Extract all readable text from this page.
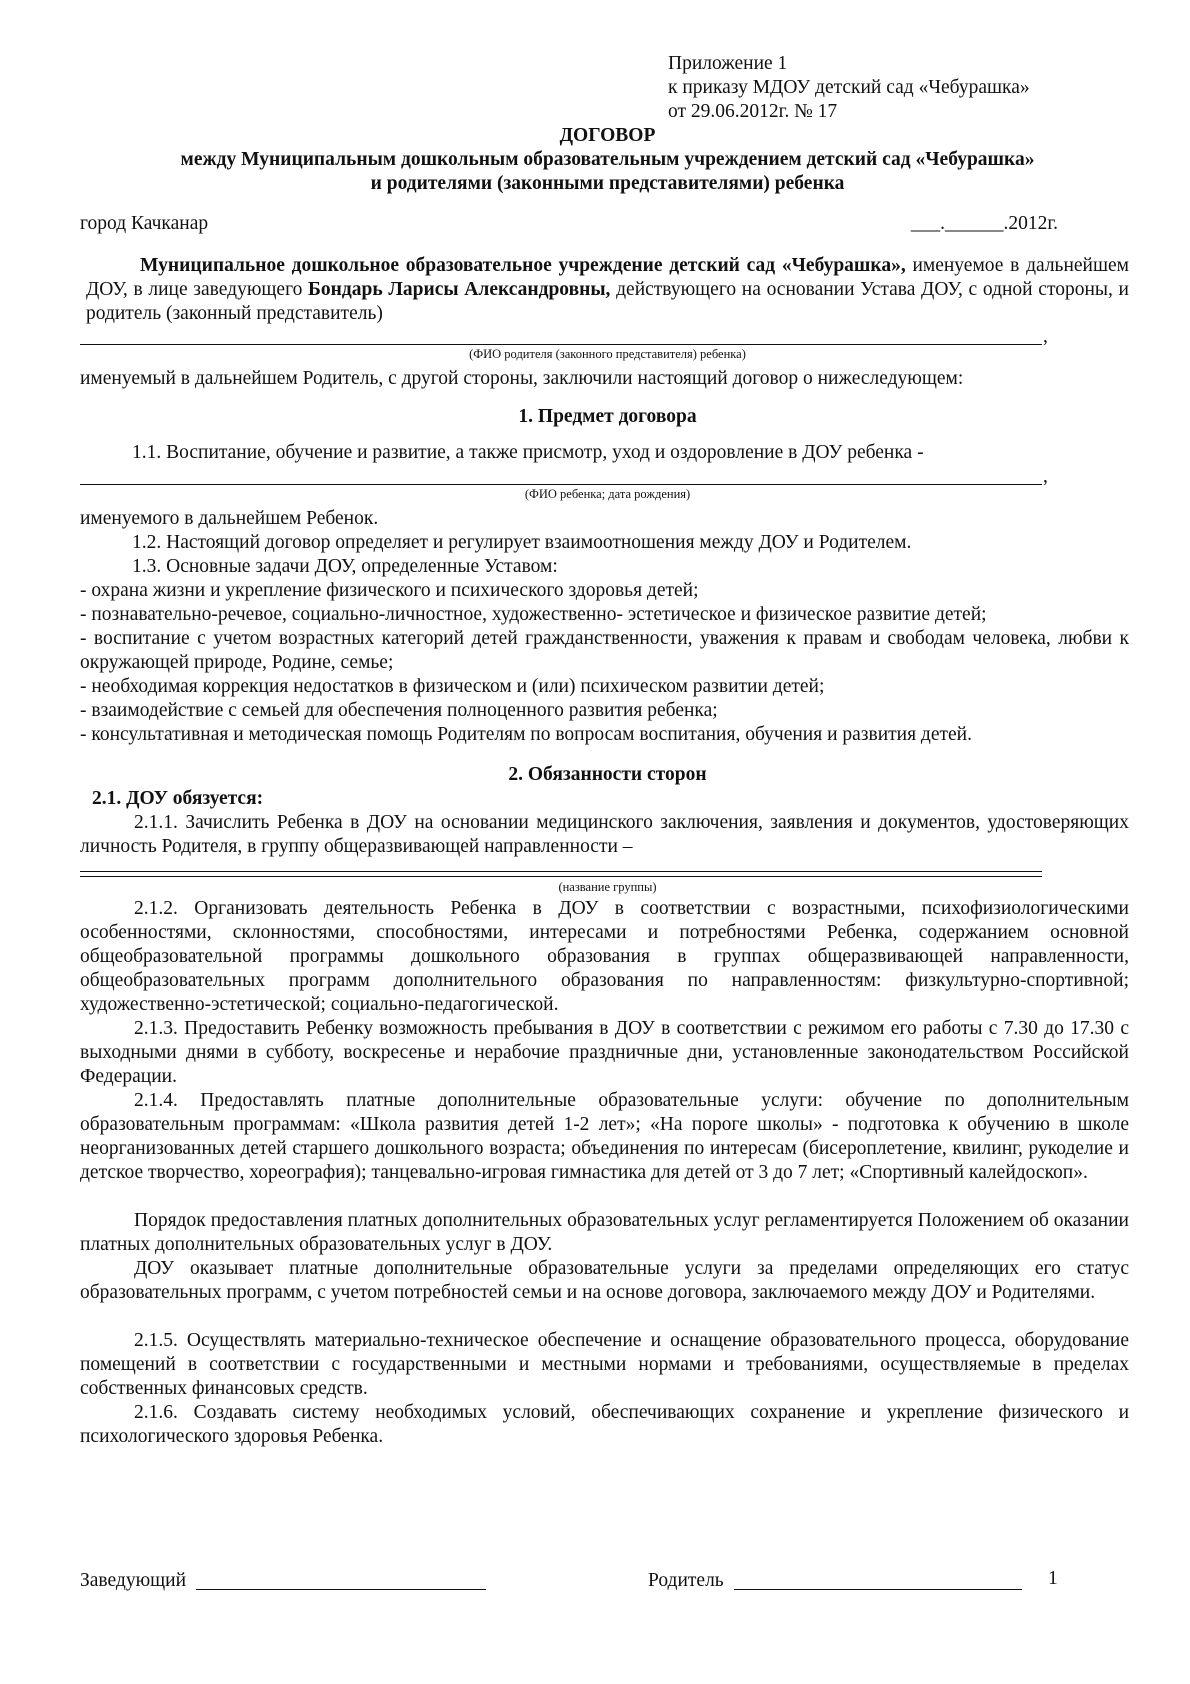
Приложение 1
к приказу МДОУ детский сад «Чебурашка»
от 29.06.2012г. № 17
ДОГОВОР
между Муниципальным дошкольным образовательным учреждением детский сад «Чебурашка»
и родителями (законными представителями) ребенка
город Качканар	___.______.2012г.
Муниципальное дошкольное образовательное учреждение детский сад «Чебурашка», именуемое в дальнейшем ДОУ, в лице заведующего Бондарь Ларисы Александровны, действующего на основании Устава ДОУ, с одной стороны, и родитель (законный представитель)
,
(ФИО родителя (законного представителя) ребенка)
именуемый в дальнейшем Родитель, с другой стороны, заключили настоящий договор о нижеследующем:
1. Предмет договора
1.1. Воспитание, обучение и развитие, а также присмотр, уход и оздоровление в ДОУ ребенка -
,
(ФИО ребенка; дата рождения)
именуемого в дальнейшем Ребенок.
1.2. Настоящий договор определяет и регулирует взаимоотношения между ДОУ и Родителем.
1.3. Основные задачи ДОУ, определенные Уставом:
- охрана жизни и укрепление физического и психического здоровья детей;
- познавательно-речевое, социально-личностное, художественно- эстетическое и физическое развитие детей;
- воспитание с учетом возрастных категорий детей гражданственности, уважения к правам и свободам человека, любви к окружающей природе, Родине, семье;
- необходимая коррекция недостатков в физическом и (или) психическом развитии детей;
- взаимодействие с семьей для обеспечения полноценного развития ребенка;
- консультативная и методическая помощь Родителям по вопросам воспитания, обучения и развития детей.
2. Обязанности сторон
2.1. ДОУ обязуется:
2.1.1. Зачислить Ребенка в ДОУ на основании медицинского заключения, заявления и документов, удостоверяющих личность Родителя, в группу общеразвивающей направленности –
(название группы)
2.1.2. Организовать деятельность Ребенка в ДОУ в соответствии с возрастными, психофизиологическими особенностями, склонностями, способностями, интересами и потребностями Ребенка, содержанием основной общеобразовательной программы дошкольного образования в группах общеразвивающей направленности, общеобразовательных программ дополнительного образования по направленностям: физкультурно-спортивной; художественно-эстетической; социально-педагогической.
2.1.3. Предоставить Ребенку возможность пребывания в ДОУ в соответствии с режимом его работы с 7.30 до 17.30 с выходными днями в субботу, воскресенье и нерабочие праздничные дни, установленные законодательством Российской Федерации.
2.1.4. Предоставлять платные дополнительные образовательные услуги: обучение по дополнительным образовательным программам: «Школа развития детей 1-2 лет»; «На пороге школы» - подготовка к обучению в школе неорганизованных детей старшего дошкольного возраста; объединения по интересам (бисероплетение, квилинг, рукоделие и детское творчество, хореография); танцевально-игровая гимнастика для детей от 3 до 7 лет; «Спортивный калейдоскоп».
Порядок предоставления платных дополнительных образовательных услуг регламентируется Положением об оказании платных дополнительных образовательных услуг в ДОУ.
ДОУ оказывает платные дополнительные образовательные услуги за пределами определяющих его статус образовательных программ, с учетом потребностей семьи и на основе договора, заключаемого между ДОУ и Родителями.
2.1.5. Осуществлять материально-техническое обеспечение и оснащение образовательного процесса, оборудование помещений в соответствии с государственными и местными нормами и требованиями, осуществляемые в пределах собственных финансовых средств.
2.1.6. Создавать систему необходимых условий, обеспечивающих сохранение и укрепление физического и психологического здоровья Ребенка.
Заведующий	Родитель	1
